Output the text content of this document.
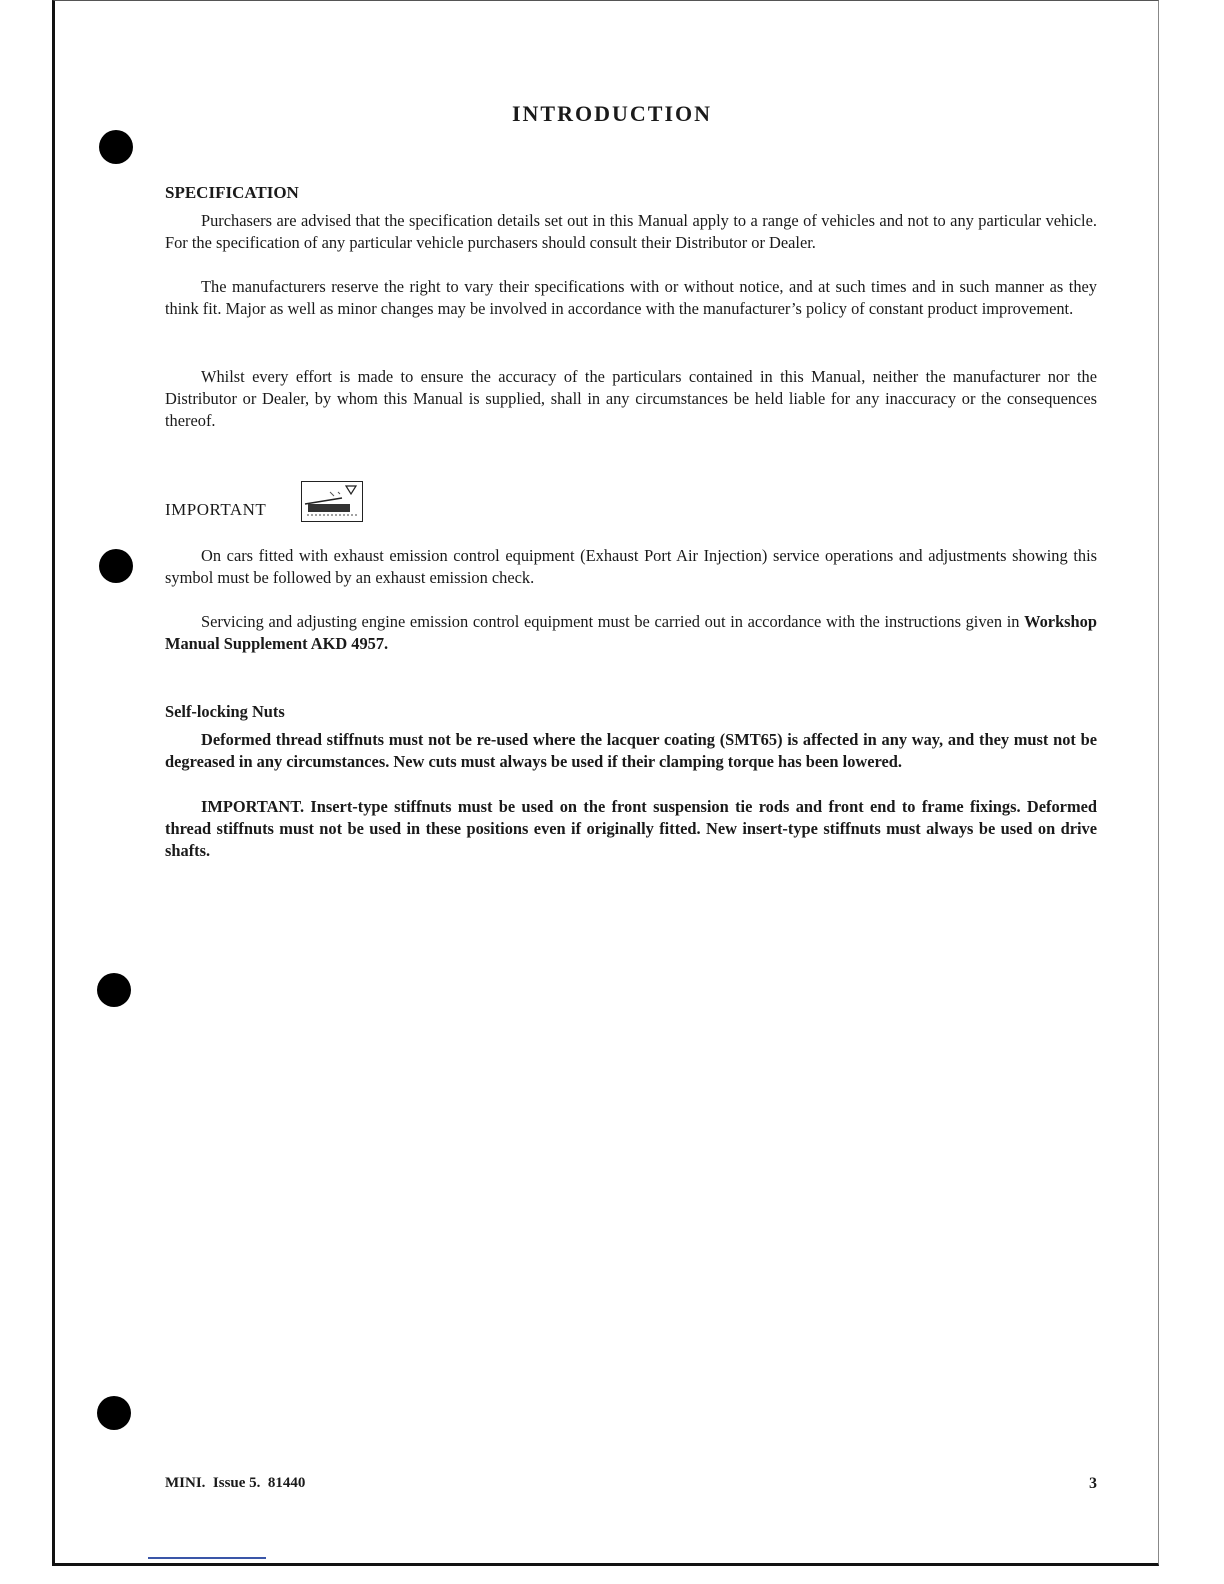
INTRODUCTION
SPECIFICATION
Purchasers are advised that the specification details set out in this Manual apply to a range of vehicles and not to any particular vehicle. For the specification of any particular vehicle purchasers should consult their Distributor or Dealer.
The manufacturers reserve the right to vary their specifications with or without notice, and at such times and in such manner as they think fit. Major as well as minor changes may be involved in accordance with the manufacturer’s policy of constant product improvement.
Whilst every effort is made to ensure the accuracy of the particulars contained in this Manual, neither the manufacturer nor the Distributor or Dealer, by whom this Manual is supplied, shall in any circumstances be held liable for any inaccuracy or the consequences thereof.
IMPORTANT
On cars fitted with exhaust emission control equipment (Exhaust Port Air Injection) service operations and adjustments showing this symbol must be followed by an exhaust emission check.
Servicing and adjusting engine emission control equipment must be carried out in accordance with the instructions given in Workshop Manual Supplement AKD 4957.
Self-locking Nuts
Deformed thread stiffnuts must not be re-used where the lacquer coating (SMT65) is affected in any way, and they must not be degreased in any circumstances. New cuts must always be used if their clamping torque has been lowered.
IMPORTANT. Insert-type stiffnuts must be used on the front suspension tie rods and front end to frame fixings. Deformed thread stiffnuts must not be used in these positions even if originally fitted. New insert-type stiffnuts must always be used on drive shafts.
MINI.  Issue 5.  81440	3
